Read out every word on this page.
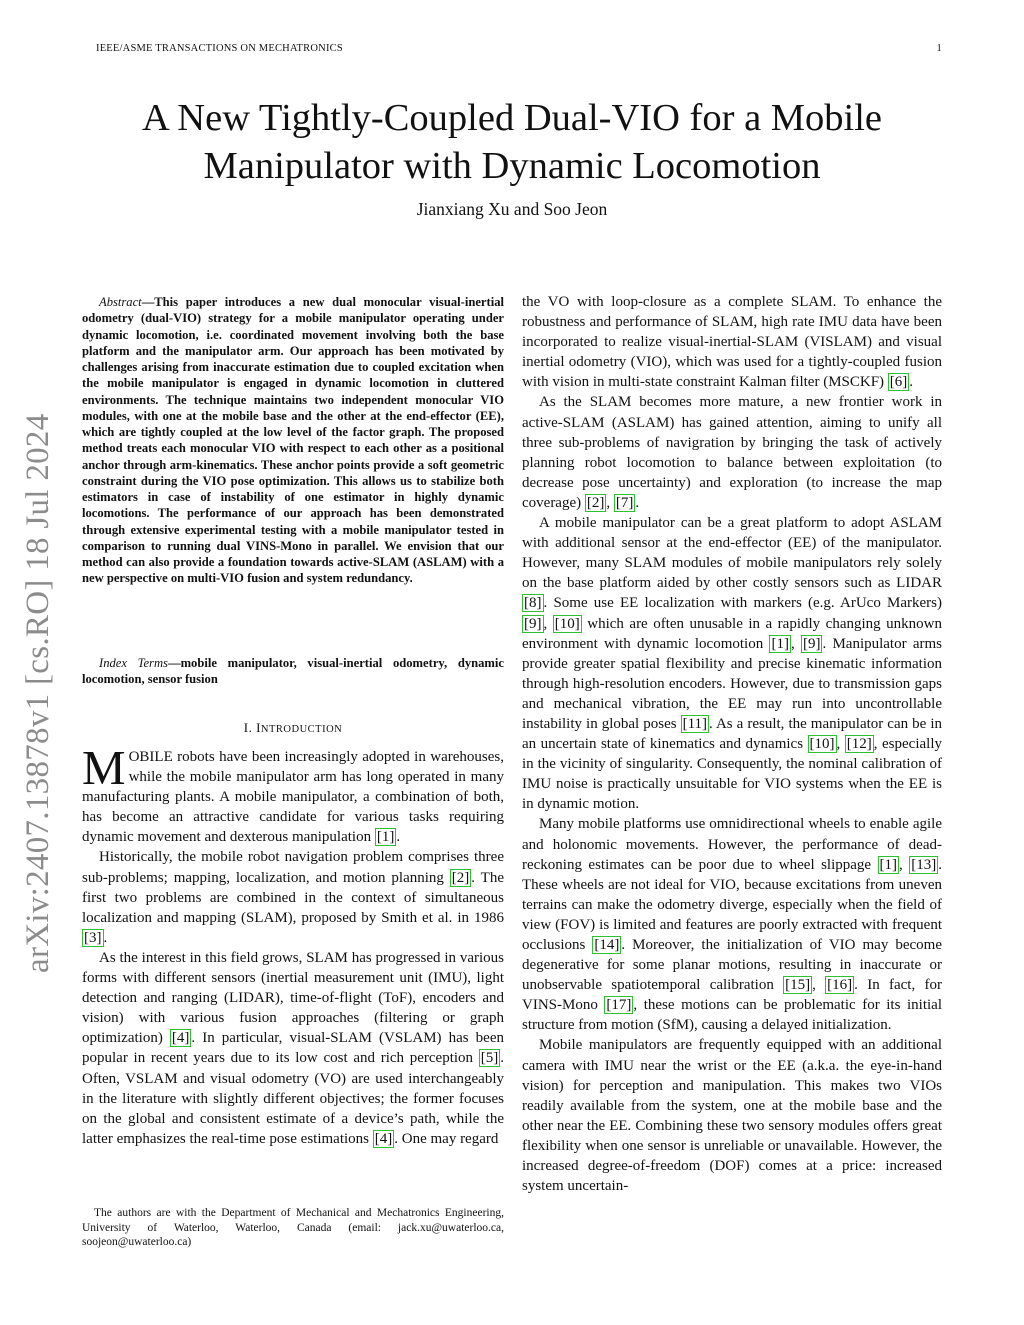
IEEE/ASME TRANSACTIONS ON MECHATRONICS	1
arXiv:2407.13878v1 [cs.RO] 18 Jul 2024
A New Tightly-Coupled Dual-VIO for a Mobile
Manipulator with Dynamic Locomotion
Jianxiang Xu and Soo Jeon

Abstract—This paper introduces a new dual monocular visual-inertial odometry (dual-VIO) strategy for a mobile manipulator operating under dynamic locomotion, i.e. coordinated movement involving both the base platform and the manipulator arm. Our approach has been motivated by challenges arising from inaccurate estimation due to coupled excitation when the mobile manipulator is engaged in dynamic locomotion in cluttered environments. The technique maintains two independent monocular VIO modules, with one at the mobile base and the other at the end-effector (EE), which are tightly coupled at the low level of the factor graph. The proposed method treats each monocular VIO with respect to each other as a positional anchor through arm-kinematics. These anchor points provide a soft geometric constraint during the VIO pose optimization. This allows us to stabilize both estimators in case of instability of one estimator in highly dynamic locomotions. The performance of our approach has been demonstrated through extensive experimental testing with a mobile manipulator tested in comparison to running dual VINS-Mono in parallel. We envision that our method can also provide a foundation towards active-SLAM (ASLAM) with a new perspective on multi-VIO fusion and system redundancy.

Index Terms—mobile manipulator, visual-inertial odometry, dynamic locomotion, sensor fusion

I. INTRODUCTION

MOBILE robots have been increasingly adopted in warehouses, while the mobile manipulator arm has long operated in many manufacturing plants. A mobile manipulator, a combination of both, has become an attractive candidate for various tasks requiring dynamic movement and dexterous manipulation [1] .

Historically, the mobile robot navigation problem comprises three sub-problems; mapping, localization, and motion planning [2] . The first two problems are combined in the context of simultaneous localization and mapping (SLAM), proposed by Smith et al. in 1986 [3] .

As the interest in this field grows, SLAM has progressed in various forms with different sensors (inertial measurement unit (IMU), light detection and ranging (LIDAR), time-of-flight (ToF), encoders and vision) with various fusion approaches (filtering or graph optimization) [4] . In particular, visual-SLAM (VSLAM) has been popular in recent years due to its low cost and rich perception [5] . Often, VSLAM and visual odometry (VO) are used interchangeably in the literature with slightly different objectives; the former focuses on the global and consistent estimate of a device’s path, while the latter emphasizes the real-time pose estimations [4] . One may regard

The authors are with the Department of Mechanical and Mechatronics Engineering, University of Waterloo, Waterloo, Canada (email: jack.xu@uwaterloo.ca, soojeon@uwaterloo.ca)

the VO with loop-closure as a complete SLAM. To enhance the robustness and performance of SLAM, high rate IMU data have been incorporated to realize visual-inertial-SLAM (VISLAM) and visual inertial odometry (VIO), which was used for a tightly-coupled fusion with vision in multi-state constraint Kalman filter (MSCKF) [6] .

As the SLAM becomes more mature, a new frontier work in active-SLAM (ASLAM) has gained attention, aiming to unify all three sub-problems of navigration by bringing the task of actively planning robot locomotion to balance between exploitation (to decrease pose uncertainty) and exploration (to increase the map coverage) [2] , [7] .

A mobile manipulator can be a great platform to adopt ASLAM with additional sensor at the end-effector (EE) of the manipulator. However, many SLAM modules of mobile manipulators rely solely on the base platform aided by other costly sensors such as LIDAR [8] . Some use EE localization with markers (e.g. ArUco Markers) [9] , [10] which are often unusable in a rapidly changing unknown environment with dynamic locomotion [1] , [9] . Manipulator arms provide greater spatial flexibility and precise kinematic information through high-resolution encoders. However, due to transmission gaps and mechanical vibration, the EE may run into uncontrollable instability in global poses [11] . As a result, the manipulator can be in an uncertain state of kinematics and dynamics [10] , [12] , especially in the vicinity of singularity. Consequently, the nominal calibration of IMU noise is practically unsuitable for VIO systems when the EE is in dynamic motion.

Many mobile platforms use omnidirectional wheels to enable agile and holonomic movements. However, the performance of dead-reckoning estimates can be poor due to wheel slippage [1] , [13] . These wheels are not ideal for VIO, because excitations from uneven terrains can make the odometry diverge, especially when the field of view (FOV) is limited and features are poorly extracted with frequent occlusions [14] . Moreover, the initialization of VIO may become degenerative for some planar motions, resulting in inaccurate or unobservable spatiotemporal calibration [15] , [16] . In fact, for VINS-Mono [17] , these motions can be problematic for its initial structure from motion (SfM), causing a delayed initialization.

Mobile manipulators are frequently equipped with an additional camera with IMU near the wrist or the EE (a.k.a. the eye-in-hand vision) for perception and manipulation. This makes two VIOs readily available from the system, one at the mobile base and the other near the EE. Combining these two sensory modules offers great flexibility when one sensor is unreliable or unavailable. However, the increased degree-of-freedom (DOF) comes at a price: increased system uncertain-
